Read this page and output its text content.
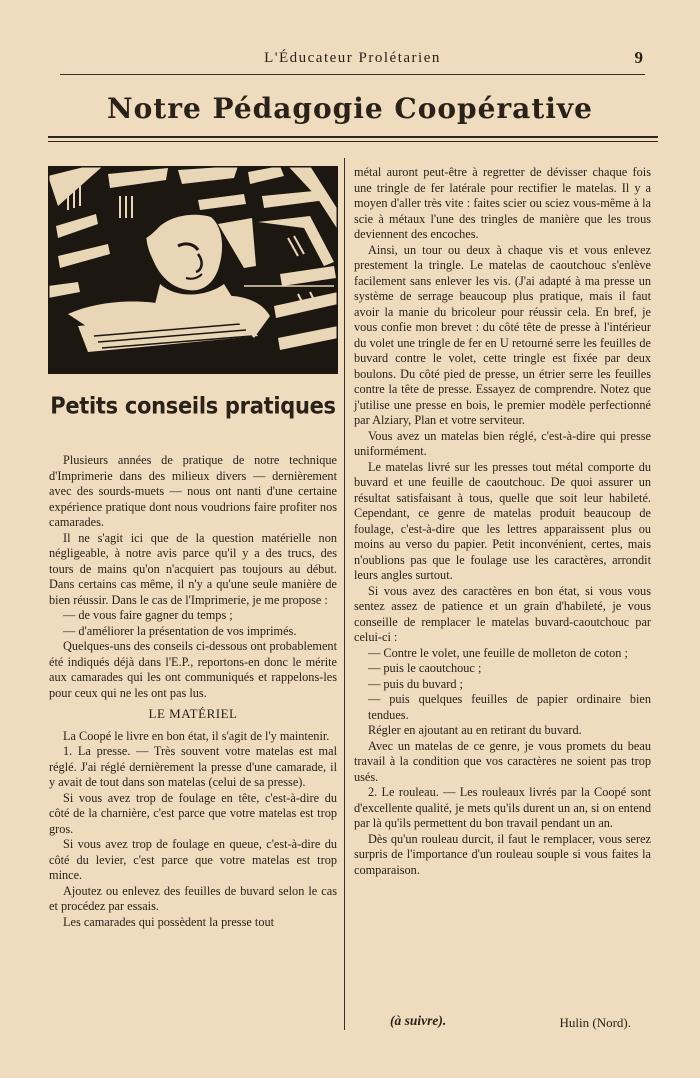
L'Éducateur Prolétarien	9
Notre Pédagogie Coopérative
Petits conseils pratiques

Plusieurs années de pratique de notre technique d'Imprimerie dans des milieux divers — dernièrement avec des sourds-muets — nous ont nanti d'une certaine expérience pratique dont nous voudrions faire profiter nos camarades.

Il ne s'agit ici que de la question matérielle non négligeable, à notre avis parce qu'il y a des trucs, des tours de mains qu'on n'acquiert pas toujours au début. Dans certains cas même, il n'y a qu'une seule manière de bien réussir. Dans le cas de l'Imprimerie, je me propose :

— de vous faire gagner du temps ;

— d'améliorer la présentation de vos imprimés.

Quelques-uns des conseils ci-dessous ont probablement été indiqués déjà dans l'E.P., reportons-en donc le mérite aux camarades qui les ont communiqués et rappelons-les pour ceux qui ne les ont pas lus.

LE MATÉRIEL

La Coopé le livre en bon état, il s'agit de l'y maintenir.

1. La presse. — Très souvent votre matelas est mal réglé. J'ai réglé dernièrement la presse d'une camarade, il y avait de tout dans son matelas (celui de sa presse).

Si vous avez trop de foulage en tête, c'est-à-dire du côté de la charnière, c'est parce que votre matelas est trop gros.

Si vous avez trop de foulage en queue, c'est-à-dire du côté du levier, c'est parce que votre matelas est trop mince.

Ajoutez ou enlevez des feuilles de buvard selon le cas et procédez par essais.

Les camarades qui possèdent la presse tout

métal auront peut-être à regretter de dévisser chaque fois une tringle de fer latérale pour rectifier le matelas. Il y a moyen d'aller très vite : faites scier ou sciez vous-même à la scie à métaux l'une des tringles de manière que les trous deviennent des encoches.

Ainsi, un tour ou deux à chaque vis et vous enlevez prestement la tringle. Le matelas de caoutchouc s'enlève facilement sans enlever les vis. (J'ai adapté à ma presse un système de serrage beaucoup plus pratique, mais il faut avoir la manie du bricoleur pour réussir cela. En bref, je vous confie mon brevet : du côté tête de presse à l'intérieur du volet une tringle de fer en U retourné serre les feuilles de buvard contre le volet, cette tringle est fixée par deux boulons. Du côté pied de presse, un étrier serre les feuilles contre la tête de presse. Essayez de comprendre. Notez que j'utilise une presse en bois, le premier modèle perfectionné par Alziary, Plan et votre serviteur.

Vous avez un matelas bien réglé, c'est-à-dire qui presse uniformément.

Le matelas livré sur les presses tout métal comporte du buvard et une feuille de caoutchouc. De quoi assurer un résultat satisfaisant à tous, quelle que soit leur habileté. Cependant, ce genre de matelas produit beaucoup de foulage, c'est-à-dire que les lettres apparaissent plus ou moins au verso du papier. Petit inconvénient, certes, mais n'oublions pas que le foulage use les caractères, arrondit leurs angles surtout.

Si vous avez des caractères en bon état, si vous vous sentez assez de patience et un grain d'habileté, je vous conseille de remplacer le matelas buvard-caoutchouc par celui-ci :

— Contre le volet, une feuille de molleton de coton ;

— puis le caoutchouc ;

— puis du buvard ;

— puis quelques feuilles de papier ordinaire bien tendues.

Régler en ajoutant au en retirant du buvard.

Avec un matelas de ce genre, je vous promets du beau travail à la condition que vos caractères ne soient pas trop usés.

2. Le rouleau. — Les rouleaux livrés par la Coopé sont d'excellente qualité, je mets qu'ils durent un an, si on entend par là qu'ils permettent du bon travail pendant un an.

Dès qu'un rouleau durcit, il faut le remplacer, vous serez surpris de l'importance d'un rouleau souple si vous faites la comparaison.

(à suivre).	Hulin (Nord).
